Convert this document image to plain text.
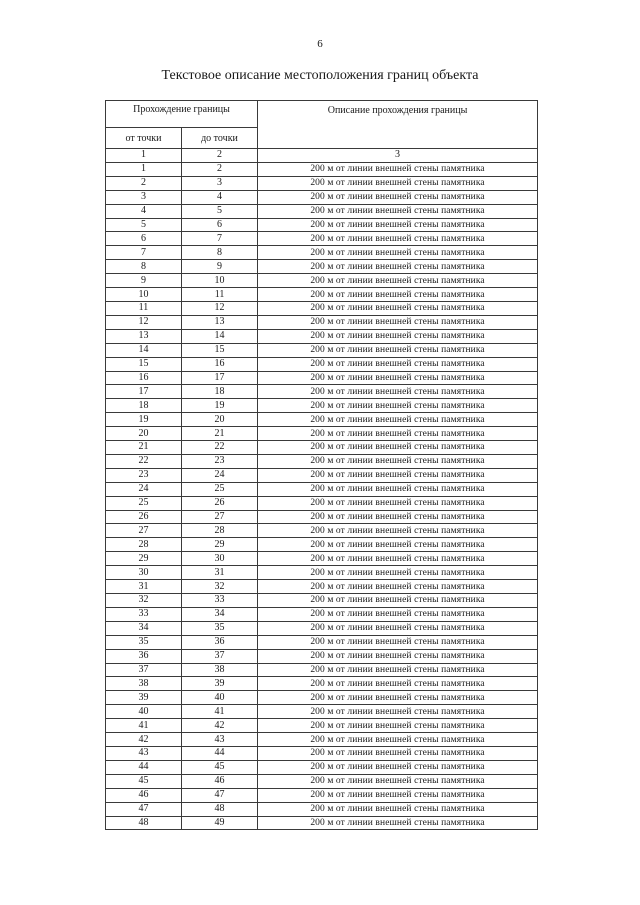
6
Текстовое описание местоположения границ объекта
Прохождение границы		Описание прохождения границы
от точки	до точки	
1	2	3
1	2	200 м от линии внешней стены памятника
2	3	200 м от линии внешней стены памятника
3	4	200 м от линии внешней стены памятника
4	5	200 м от линии внешней стены памятника
5	6	200 м от линии внешней стены памятника
6	7	200 м от линии внешней стены памятника
7	8	200 м от линии внешней стены памятника
8	9	200 м от линии внешней стены памятника
9	10	200 м от линии внешней стены памятника
10	11	200 м от линии внешней стены памятника
11	12	200 м от линии внешней стены памятника
12	13	200 м от линии внешней стены памятника
13	14	200 м от линии внешней стены памятника
14	15	200 м от линии внешней стены памятника
15	16	200 м от линии внешней стены памятника
16	17	200 м от линии внешней стены памятника
17	18	200 м от линии внешней стены памятника
18	19	200 м от линии внешней стены памятника
19	20	200 м от линии внешней стены памятника
20	21	200 м от линии внешней стены памятника
21	22	200 м от линии внешней стены памятника
22	23	200 м от линии внешней стены памятника
23	24	200 м от линии внешней стены памятника
24	25	200 м от линии внешней стены памятника
25	26	200 м от линии внешней стены памятника
26	27	200 м от линии внешней стены памятника
27	28	200 м от линии внешней стены памятника
28	29	200 м от линии внешней стены памятника
29	30	200 м от линии внешней стены памятника
30	31	200 м от линии внешней стены памятника
31	32	200 м от линии внешней стены памятника
32	33	200 м от линии внешней стены памятника
33	34	200 м от линии внешней стены памятника
34	35	200 м от линии внешней стены памятника
35	36	200 м от линии внешней стены памятника
36	37	200 м от линии внешней стены памятника
37	38	200 м от линии внешней стены памятника
38	39	200 м от линии внешней стены памятника
39	40	200 м от линии внешней стены памятника
40	41	200 м от линии внешней стены памятника
41	42	200 м от линии внешней стены памятника
42	43	200 м от линии внешней стены памятника
43	44	200 м от линии внешней стены памятника
44	45	200 м от линии внешней стены памятника
45	46	200 м от линии внешней стены памятника
46	47	200 м от линии внешней стены памятника
47	48	200 м от линии внешней стены памятника
48	49	200 м от линии внешней стены памятника
